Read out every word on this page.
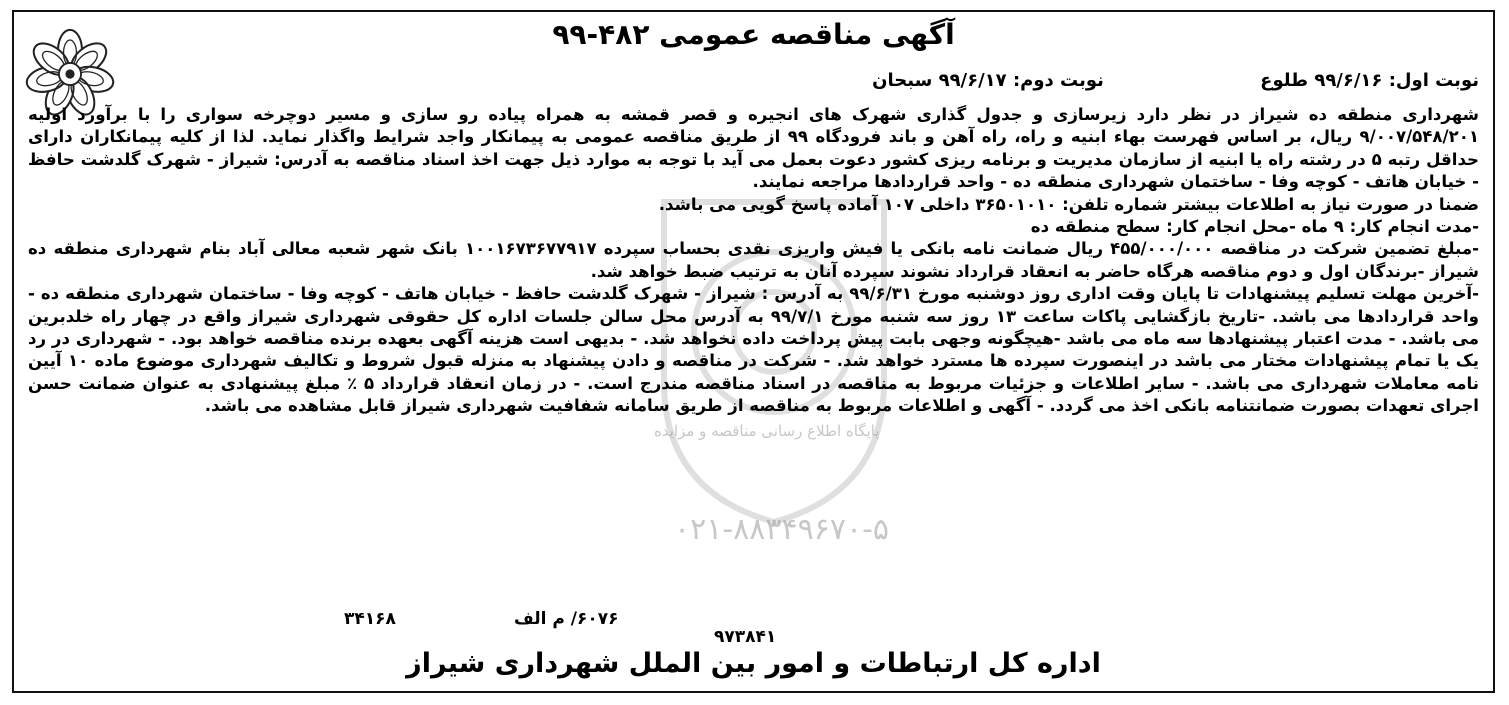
پایگاه اطلاع رسانی مناقصه و مزایده
۰۲۱-۸۸۳۴۹۶۷۰-۵
آگهی مناقصه عمومی ۴۸۲-۹۹
نوبت اول: ۹۹/۶/۱۶ طلوع نوبت دوم: ۹۹/۶/۱۷ سبحان

شهرداری منطقه ده شیراز در نظر دارد زیرسازی و جدول گذاری شهرک های انجیره و قصر قمشه به همراه پیاده رو سازی و مسیر دوچرخه سواری را با برآورد اولیه ۹/۰۰۷/۵۴۸/۲۰۱ ریال، بر اساس فهرست بهاء ابنیه و راه، راه آهن و باند فرودگاه ۹۹ از طریق مناقصه عمومی به پیمانکار واجد شرایط واگذار نماید. لذا از کلیه پیمانکاران دارای حداقل رتبه ۵ در رشته راه یا ابنیه از سازمان مدیریت و برنامه ریزی کشور دعوت بعمل می آید با توجه به موارد ذیل جهت اخذ اسناد مناقصه به آدرس: شیراز - شهرک گلدشت حافظ - خیابان هاتف - کوچه وفا - ساختمان شهرداری منطقه ده - واحد قراردادها مراجعه نمایند.

ضمنا در صورت نیاز به اطلاعات بیشتر شماره تلفن: ۳۶۵۰۱۰۱۰ داخلی ۱۰۷ آماده پاسخ گویی می باشد.

-مدت انجام کار: ۹ ماه -محل انجام کار: سطح منطقه ده

-مبلغ تضمین شرکت در مناقصه ۴۵۵/۰۰۰/۰۰۰ ریال ضمانت نامه بانکی یا فیش واریزی نقدی بحساب سپرده ۱۰۰۱۶۷۳۶۷۷۹۱۷ بانک شهر شعبه معالی آباد بنام شهرداری منطقه ده شیراز -برندگان اول و دوم مناقصه هرگاه حاضر به انعقاد قرارداد نشوند سپرده آنان به ترتیب ضبط خواهد شد.

-آخرین مهلت تسلیم پیشنهادات تا پایان وقت اداری روز دوشنبه مورخ ۹۹/۶/۳۱ به آدرس : شیراز - شهرک گلدشت حافظ - خیابان هاتف - کوچه وفا - ساختمان شهرداری منطقه ده - واحد قراردادها می باشد. -تاریخ بازگشایی پاکات ساعت ۱۳ روز سه شنبه مورخ ۹۹/۷/۱ به آدرس محل سالن جلسات اداره کل حقوقی شهرداری شیراز واقع در چهار راه خلدبرین می باشد. - مدت اعتبار پیشنهادها سه ماه می باشد -هیچگونه وجهی بابت پیش پرداخت داده نخواهد شد. - بدیهی است هزینه آگهی بعهده برنده مناقصه خواهد بود. - شهرداری در رد یک یا تمام پیشنهادات مختار می باشد در اینصورت سپرده ها مسترد خواهد شد. - شرکت در مناقصه و دادن پیشنهاد به منزله قبول شروط و تکالیف شهرداری موضوع ماده ۱۰ آیین نامه معاملات شهرداری می باشد. - سایر اطلاعات و جزئیات مربوط به مناقصه در اسناد مناقصه مندرج است. - در زمان انعقاد قرارداد ۵ ٪ مبلغ پیشنهادی به عنوان ضمانت حسن اجرای تعهدات بصورت ضمانتنامه بانکی اخذ می گردد. - آگهی و اطلاعات مربوط به مناقصه از طریق سامانه شفافیت شهرداری شیراز قابل مشاهده می باشد.

۶۰۷۶/ م الف
۳۴۱۶۸
۹۷۳۸۴۱
اداره کل ارتباطات و امور بین الملل شهرداری شیراز
